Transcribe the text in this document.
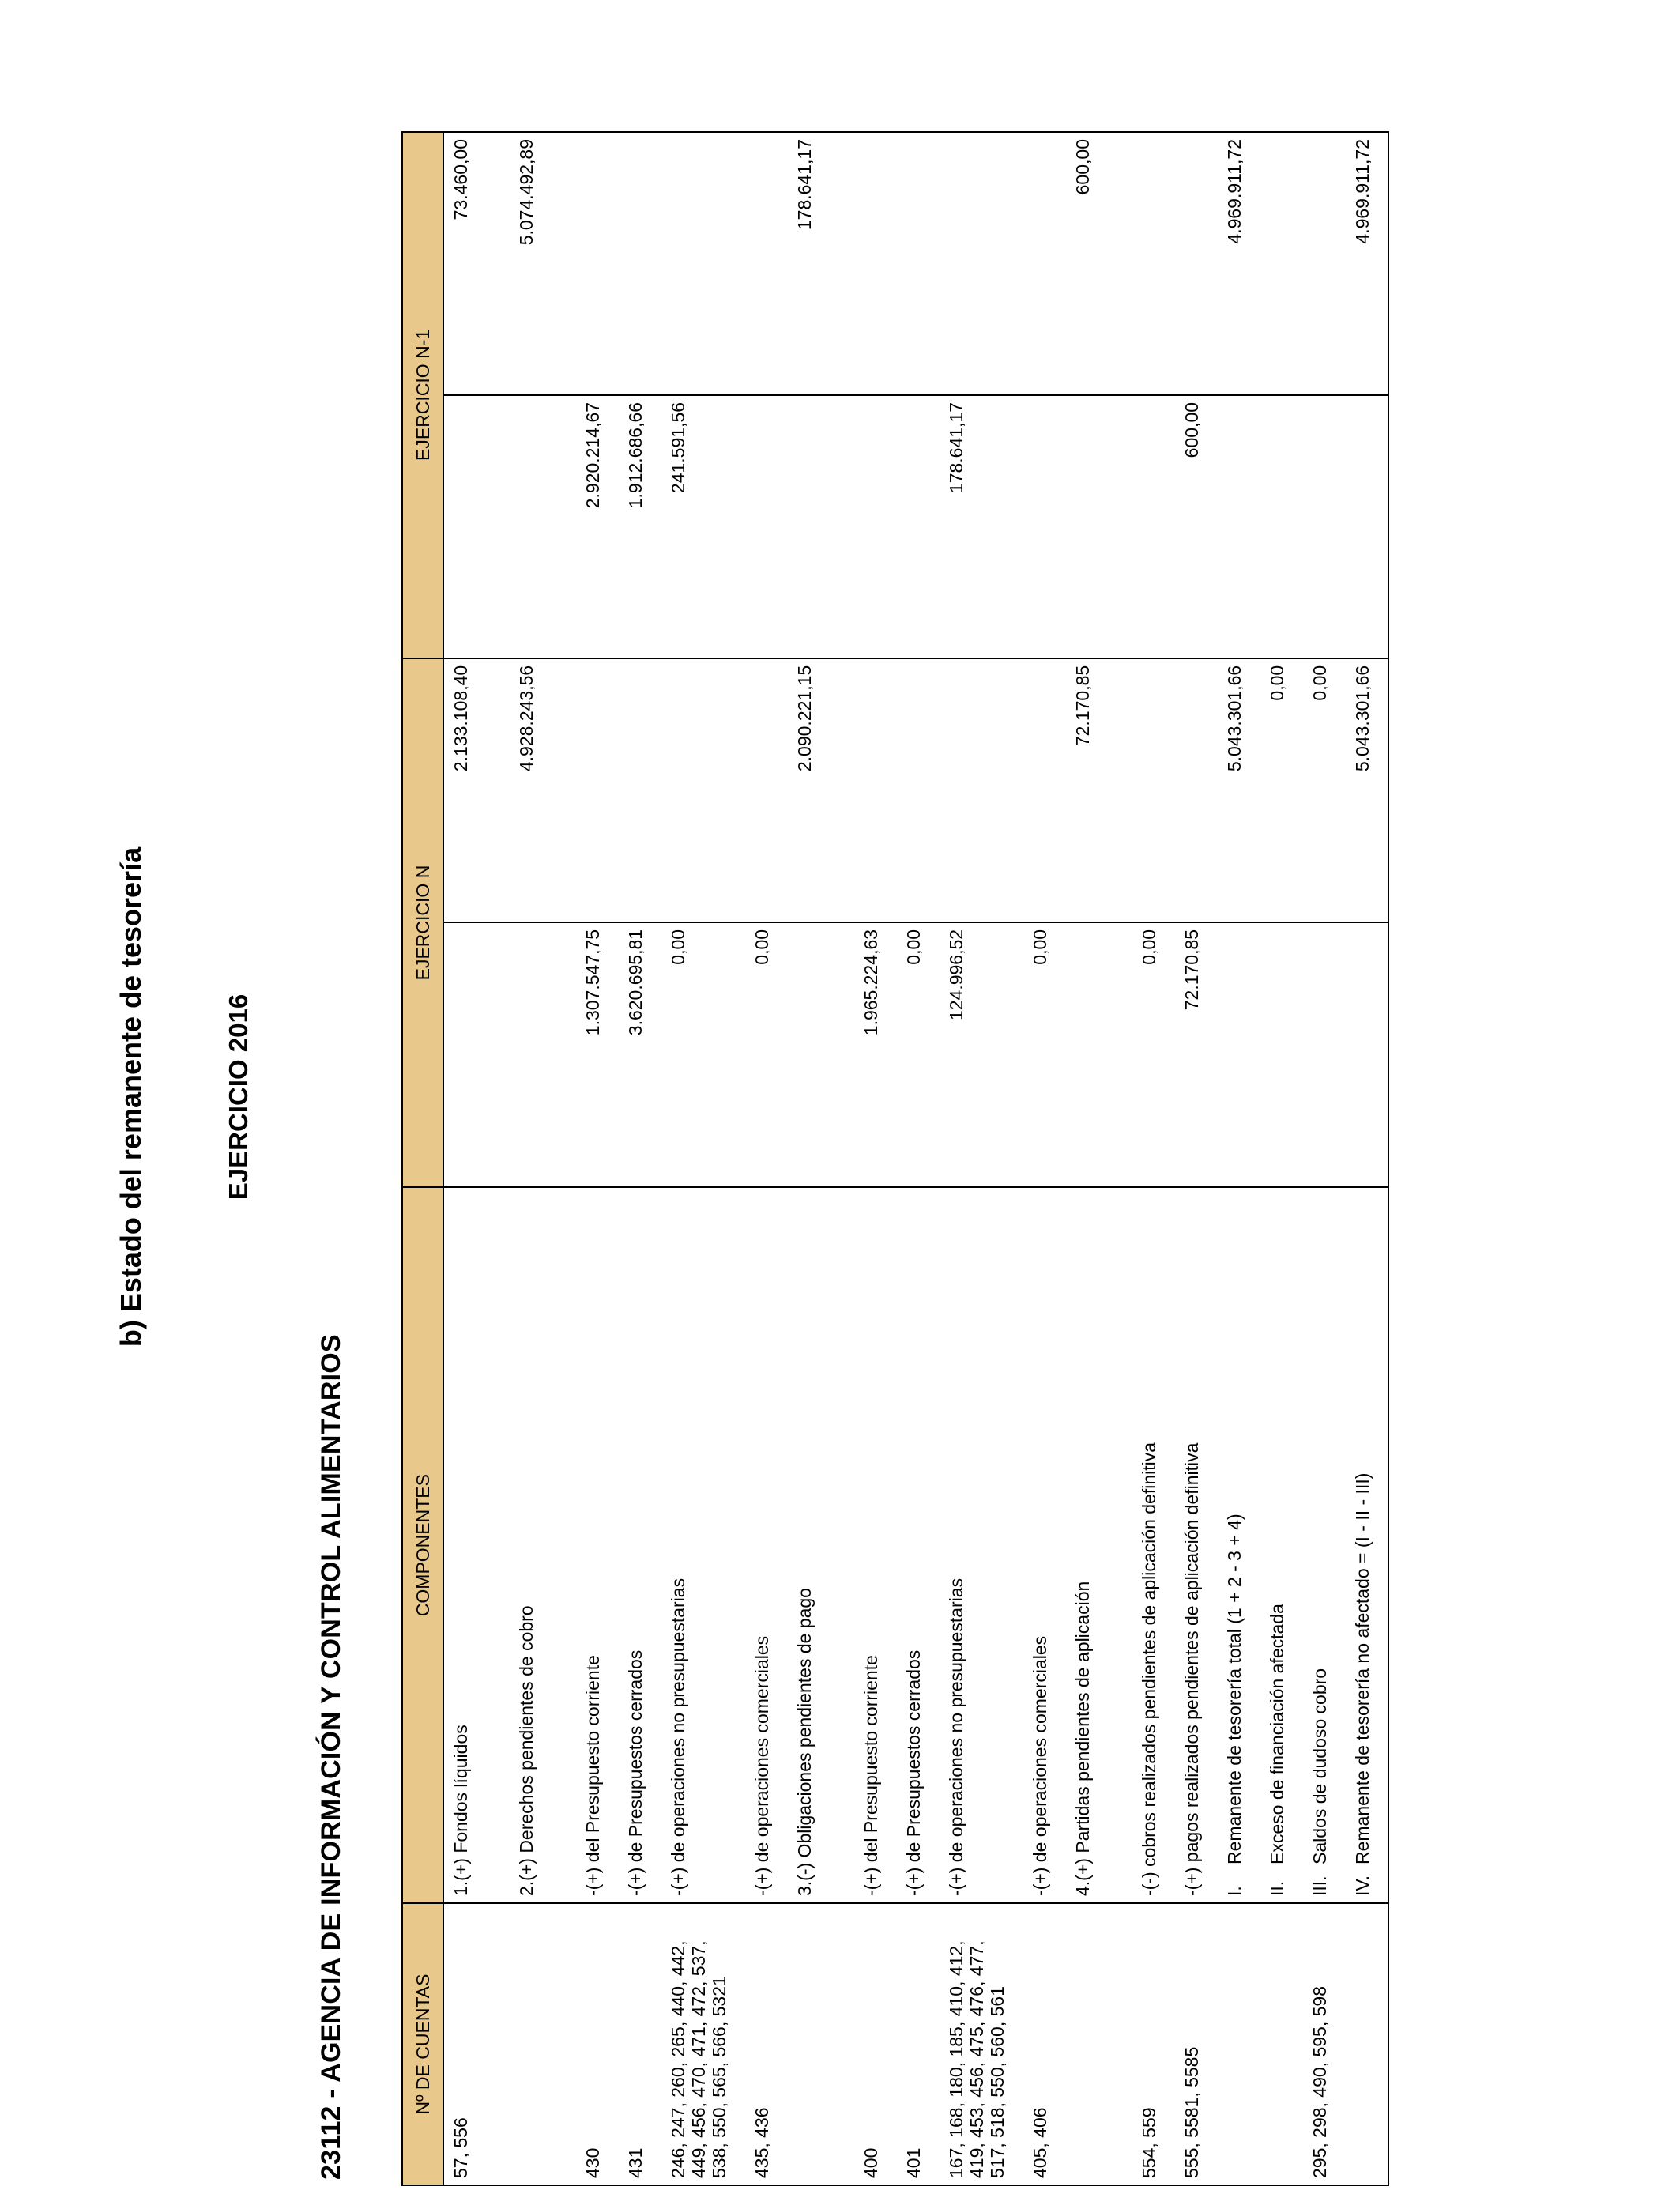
b) Estado del remanente de tesorería	EJERCICIO 2016
23112 - AGENCIA DE INFORMACIÓN Y CONTROL ALIMENTARIOS	Nº DE CUENTAS	COMPONENTES	EJERCICIO N		EJERCICIO N-1	
57, 556	1.(+) Fondos líquidos		2.133.108,40		73.460,00
	2.(+) Derechos pendientes de cobro		4.928.243,56		5.074.492,89
430	-(+) del Presupuesto corriente	1.307.547,75		2.920.214,67	
431	-(+) de Presupuestos cerrados	3.620.695,81		1.912.686,66	
246, 247, 260, 265, 440, 442, 449, 456, 470, 471, 472, 537, 538, 550, 565, 566, 5321	-(+) de operaciones no presupuestarias	0,00		241.591,56	
435, 436	-(+) de operaciones comerciales	0,00			
	3.(-) Obligaciones pendientes de pago		2.090.221,15		178.641,17
400	-(+) del Presupuesto corriente	1.965.224,63			
401	-(+) de Presupuestos cerrados	0,00			
167, 168, 180, 185, 410, 412, 419, 453, 456, 475, 476, 477, 517, 518, 550, 560, 561	-(+) de operaciones no presupuestarias	124.996,52		178.641,17	
405, 406	-(+) de operaciones comerciales	0,00			
	4.(+) Partidas pendientes de aplicación		72.170,85		600,00
554, 559	-(-) cobros realizados pendientes de aplicación definitiva	0,00			
555, 5581, 5585	-(+) pagos realizados pendientes de aplicación definitiva	72.170,85		600,00	
	I.Remanente de tesorería total (1 + 2 - 3 + 4)		5.043.301,66		4.969.911,72
	II.Exceso de financiación afectada		0,00		
295, 298, 490, 595, 598	III.Saldos de dudoso cobro		0,00		
	IV.Remanente de tesorería no afectado = (I - II - III)		5.043.301,66		4.969.911,72
